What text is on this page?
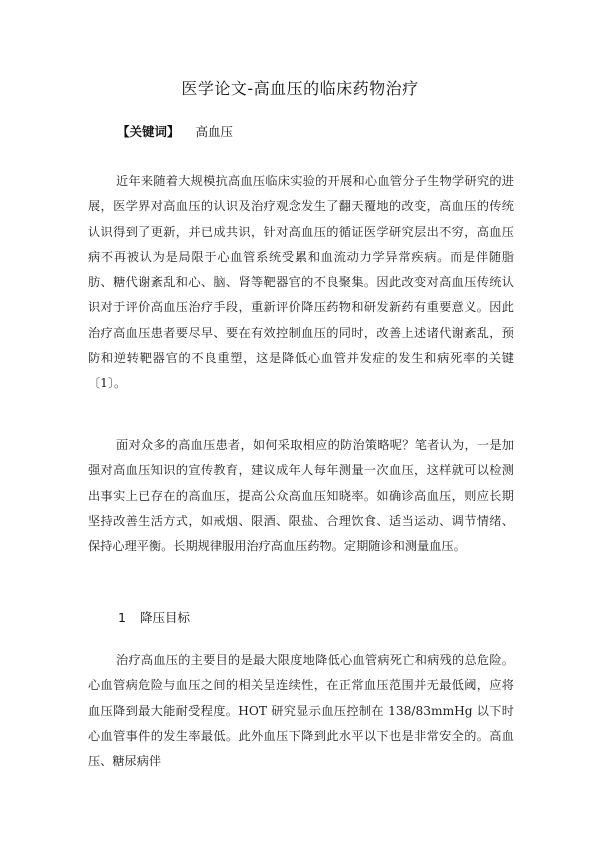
医学论文-高血压的临床药物治疗
【关键词】 高血压

近年来随着大规模抗高血压临床实验的开展和心血管分子生物学研究的进展，医学界对高血压的认识及治疗观念发生了翻天覆地的改变，高血压的传统认识得到了更新，并已成共识，针对高血压的循证医学研究层出不穷，高血压病不再被认为是局限于心血管系统受累和血流动力学异常疾病。而是伴随脂肪、糖代谢紊乱和心、脑、肾等靶器官的不良聚集。因此改变对高血压传统认识对于评价高血压治疗手段，重新评价降压药物和研发新药有重要意义。因此治疗高血压患者要尽早、要在有效控制血压的同时，改善上述诸代谢紊乱，预防和逆转靶器官的不良重塑，这是降低心血管并发症的发生和病死率的关键〔1〕。

面对众多的高血压患者，如何采取相应的防治策略呢？笔者认为，一是加强对高血压知识的宣传教育，建议成年人每年测量一次血压，这样就可以检测出事实上已存在的高血压，提高公众高血压知晓率。如确诊高血压，则应长期坚持改善生活方式，如戒烟、限酒、限盐、合理饮食、适当运动、调节情绪、保持心理平衡。长期规律服用治疗高血压药物。定期随诊和测量血压。

1 降压目标

治疗高血压的主要目的是最大限度地降低心血管病死亡和病残的总危险。心血管病危险与血压之间的相关呈连续性，在正常血压范围并无最低阈，应将血压降到最大能耐受程度。HOT 研究显示血压控制在 138/83mmHg 以下时心血管事件的发生率最低。此外血压下降到此水平以下也是非常安全的。高血压、糖尿病伴
